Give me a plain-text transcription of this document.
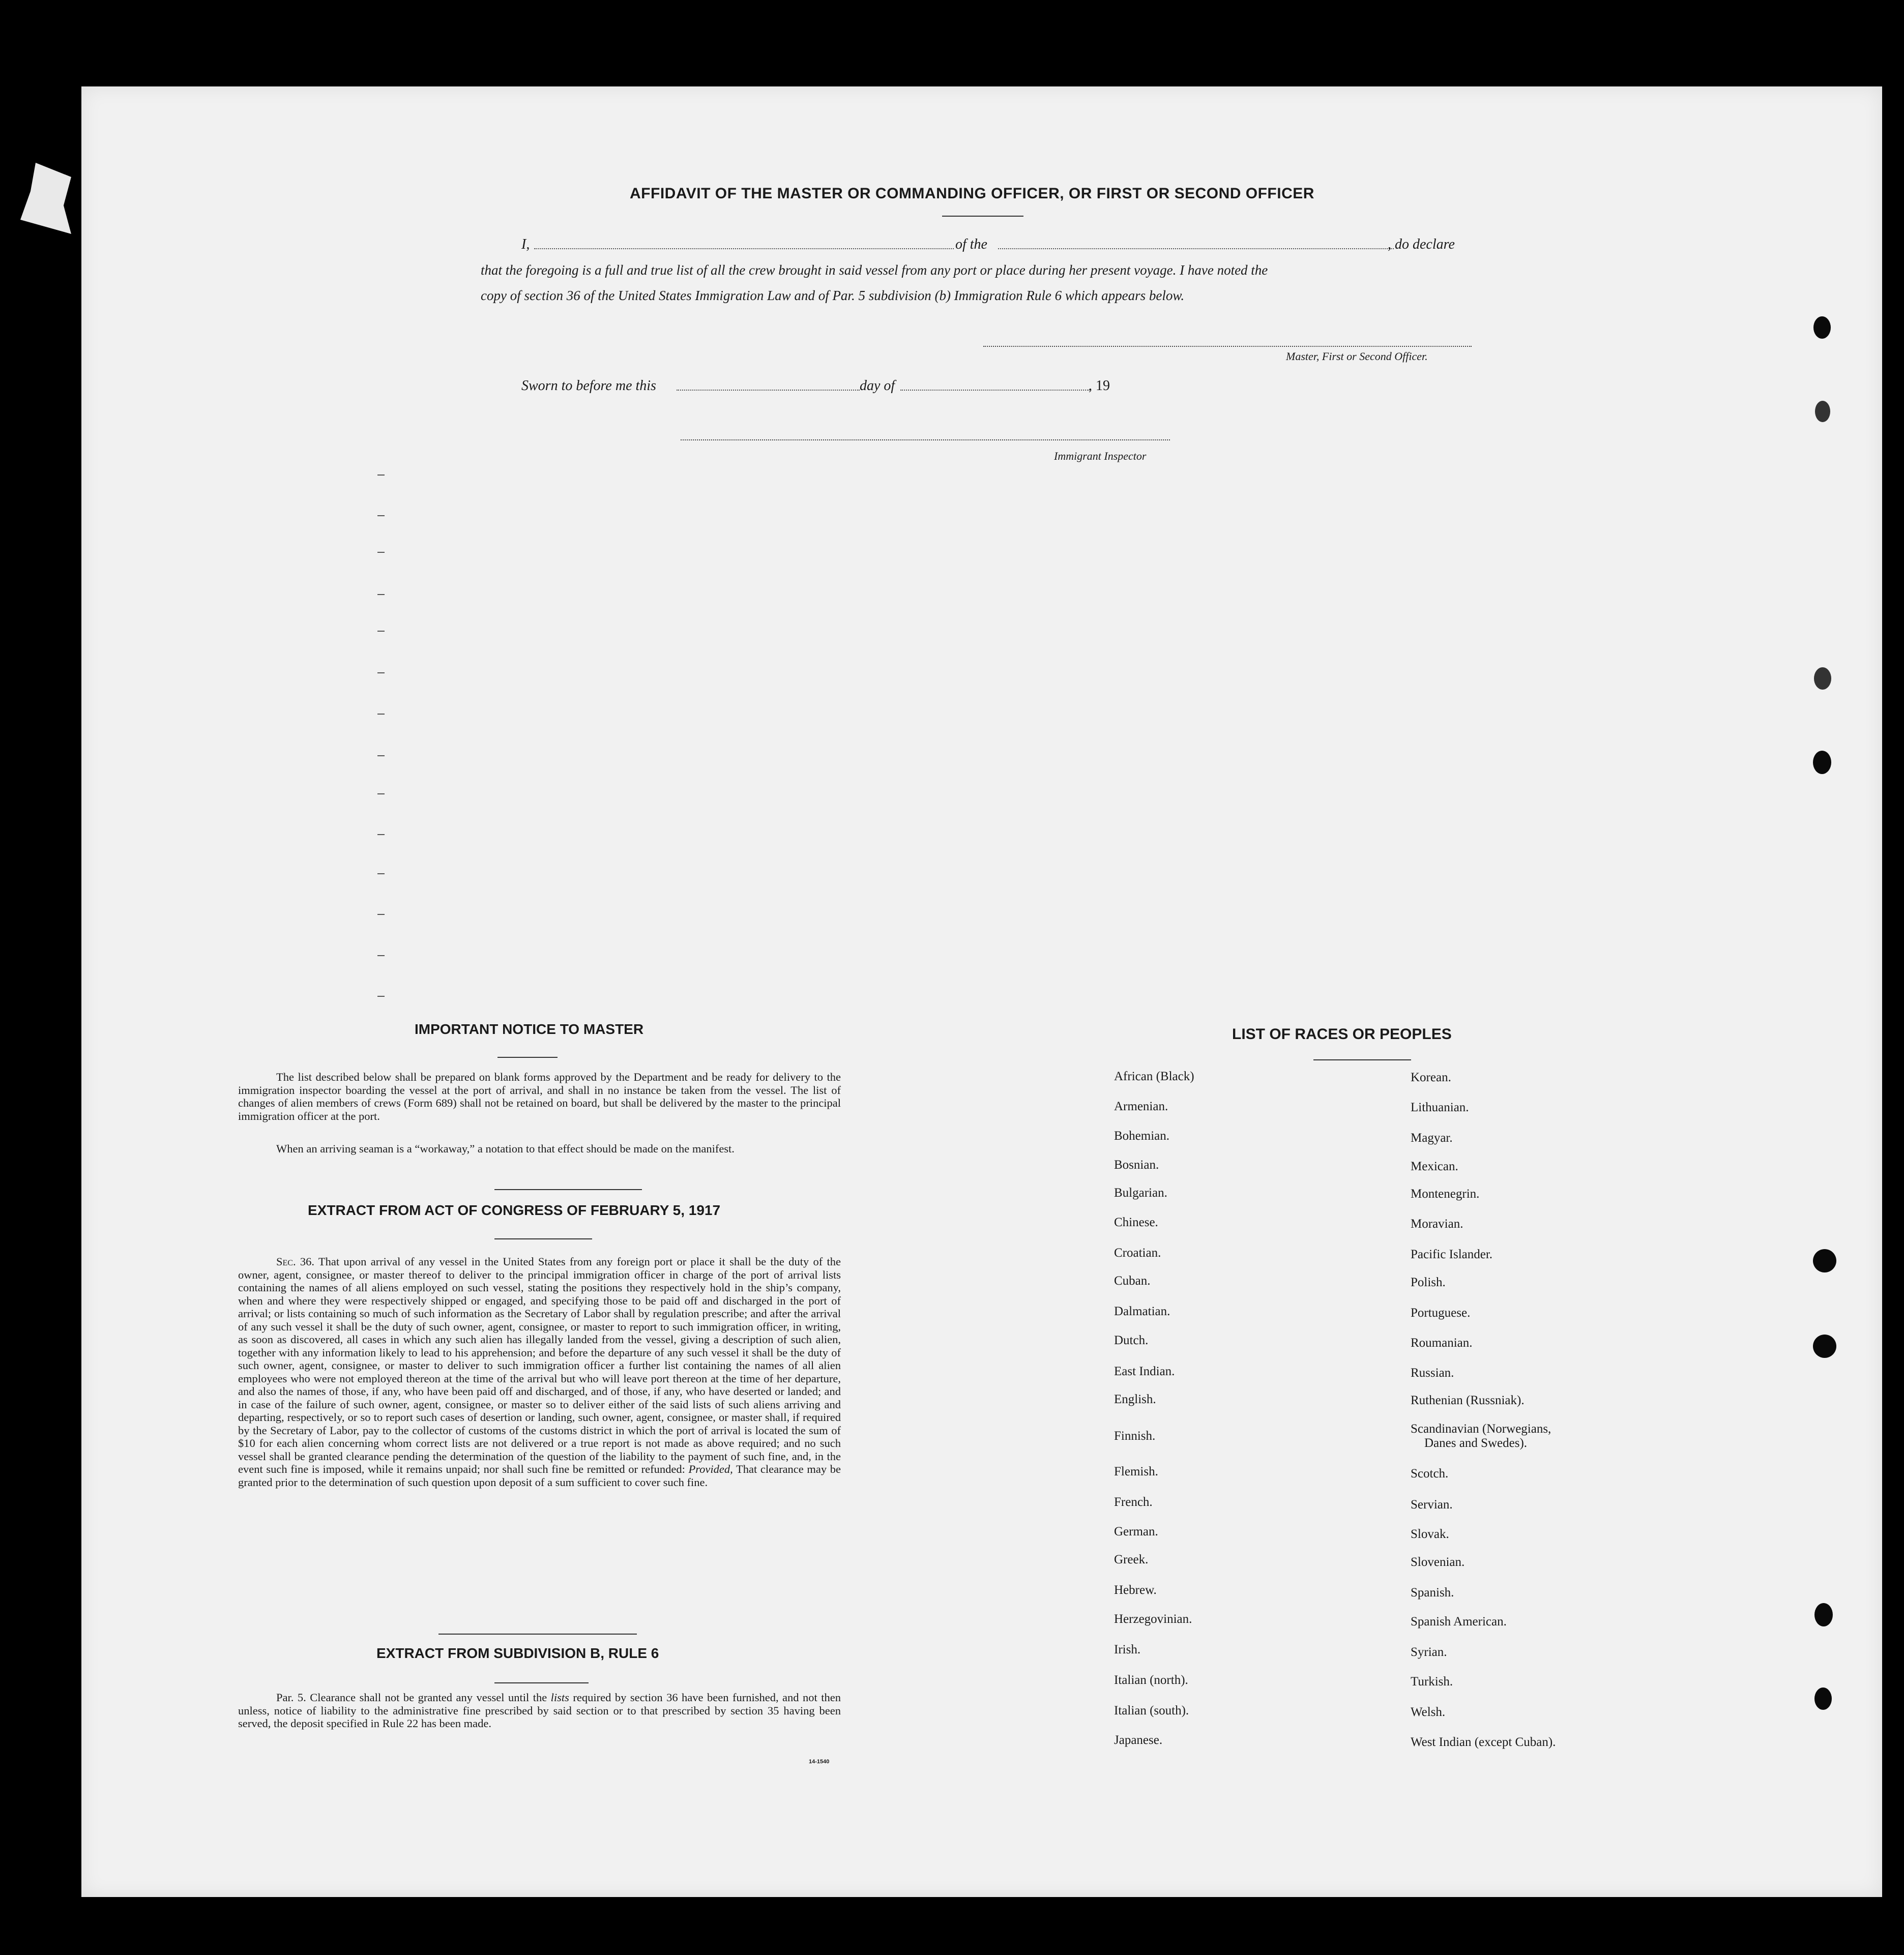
AFFIDAVIT OF THE MASTER OR COMMANDING OFFICER, OR FIRST OR SECOND OFFICER
I,	of the	, do declare
that the foregoing is a full and true list of all the crew brought in said vessel from any port or place during her present voyage. I have noted the
copy of section 36 of the United States Immigration Law and of Par. 5 subdivision (b) Immigration Rule 6 which appears below.
Master, First or Second Officer.
Sworn to before me this	day of	, 19
Immigrant Inspector
IMPORTANT NOTICE TO MASTER
The list described below shall be prepared on blank forms approved by the Department and be ready for delivery to the immigration inspector boarding the vessel at the port of arrival, and shall in no instance be taken from the vessel. The list of changes of alien members of crews (Form 689) shall not be retained on board, but shall be delivered by the master to the principal immigration officer at the port.
When an arriving seaman is a “workaway,” a notation to that effect should be made on the manifest.
EXTRACT FROM ACT OF CONGRESS OF FEBRUARY 5, 1917
Sec. 36. That upon arrival of any vessel in the United States from any foreign port or place it shall be the duty of the owner, agent, consignee, or master thereof to deliver to the principal immigration officer in charge of the port of arrival lists containing the names of all aliens employed on such vessel, stating the positions they respectively hold in the ship’s company, when and where they were respectively shipped or engaged, and specifying those to be paid off and discharged in the port of arrival; or lists containing so much of such information as the Secretary of Labor shall by regulation prescribe; and after the arrival of any such vessel it shall be the duty of such owner, agent, consignee, or master to report to such immigration officer, in writing, as soon as discovered, all cases in which any such alien has illegally landed from the vessel, giving a description of such alien, together with any information likely to lead to his apprehension; and before the departure of any such vessel it shall be the duty of such owner, agent, consignee, or master to deliver to such immigration officer a further list containing the names of all alien employees who were not employed thereon at the time of the arrival but who will leave port thereon at the time of her departure, and also the names of those, if any, who have been paid off and discharged, and of those, if any, who have deserted or landed; and in case of the failure of such owner, agent, consignee, or master so to deliver either of the said lists of such aliens arriving and departing, respectively, or so to report such cases of desertion or landing, such owner, agent, consignee, or master shall, if required by the Secretary of Labor, pay to the collector of customs of the customs district in which the port of arrival is located the sum of $10 for each alien concerning whom correct lists are not delivered or a true report is not made as above required; and no such vessel shall be granted clearance pending the determination of the question of the liability to the payment of such fine, and, in the event such fine is imposed, while it remains unpaid; nor shall such fine be remitted or refunded: Provided, That clearance may be granted prior to the determination of such question upon deposit of a sum sufficient to cover such fine.
EXTRACT FROM SUBDIVISION B, RULE 6
Par. 5. Clearance shall not be granted any vessel until the lists required by section 36 have been furnished, and not then unless, notice of liability to the administrative fine prescribed by said section or to that prescribed by section 35 having been served, the deposit specified in Rule 22 has been made.
14-1540
LIST OF RACES OR PEOPLES
African (Black)
Armenian.
Bohemian.
Bosnian.
Bulgarian.
Chinese.
Croatian.
Cuban.
Dalmatian.
Dutch.
East Indian.
English.
Finnish.
Flemish.
French.
German.
Greek.
Hebrew.
Herzegovinian.
Irish.
Italian (north).
Italian (south).
Japanese.
Korean.
Lithuanian.
Magyar.
Mexican.
Montenegrin.
Moravian.
Pacific Islander.
Polish.
Portuguese.
Roumanian.
Russian.
Ruthenian (Russniak).
Scandinavian (Norwegians,
Danes and Swedes).
Scotch.
Servian.
Slovak.
Slovenian.
Spanish.
Spanish American.
Syrian.
Turkish.
Welsh.
West Indian (except Cuban).
